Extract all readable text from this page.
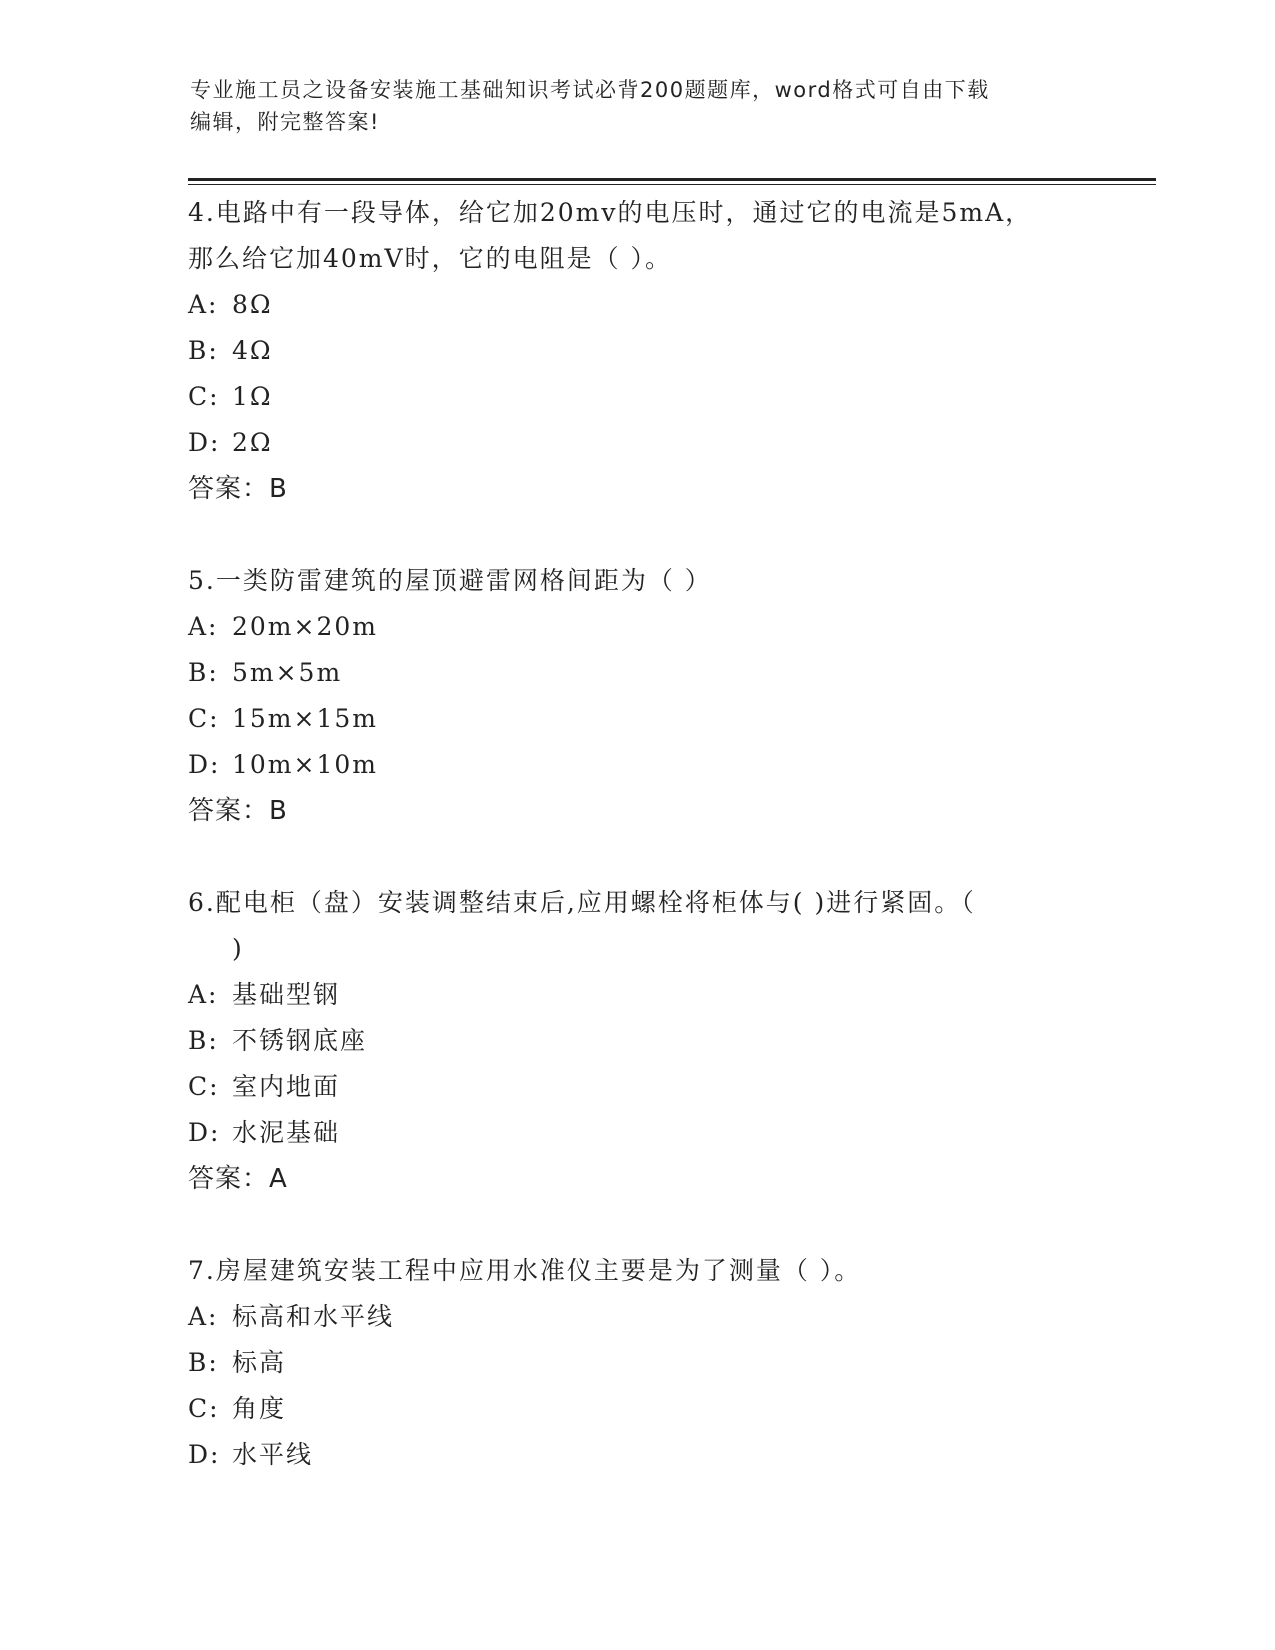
专业施工员之设备安装施工基础知识考试必背200题题库，word格式可自由下载
编辑，附完整答案!
4.电路中有一段导体，给它加20mv的电压时，通过它的电流是5mA，
那么给它加40mV时，它的电阻是（ ）。
A: 8Ω
B: 4Ω
C: 1Ω
D: 2Ω
答案：B
5.一类防雷建筑的屋顶避雷网格间距为（ ）
A: 20m×20m
B: 5m×5m
C: 15m×15m
D: 10m×10m
答案：B
6.配电柜（盘）安装调整结束后,应用螺栓将柜体与( )进行紧固。（
)
A: 基础型钢
B: 不锈钢底座
C: 室内地面
D: 水泥基础
答案：A
7.房屋建筑安装工程中应用水准仪主要是为了测量（ ）。
A: 标高和水平线
B: 标高
C: 角度
D: 水平线
